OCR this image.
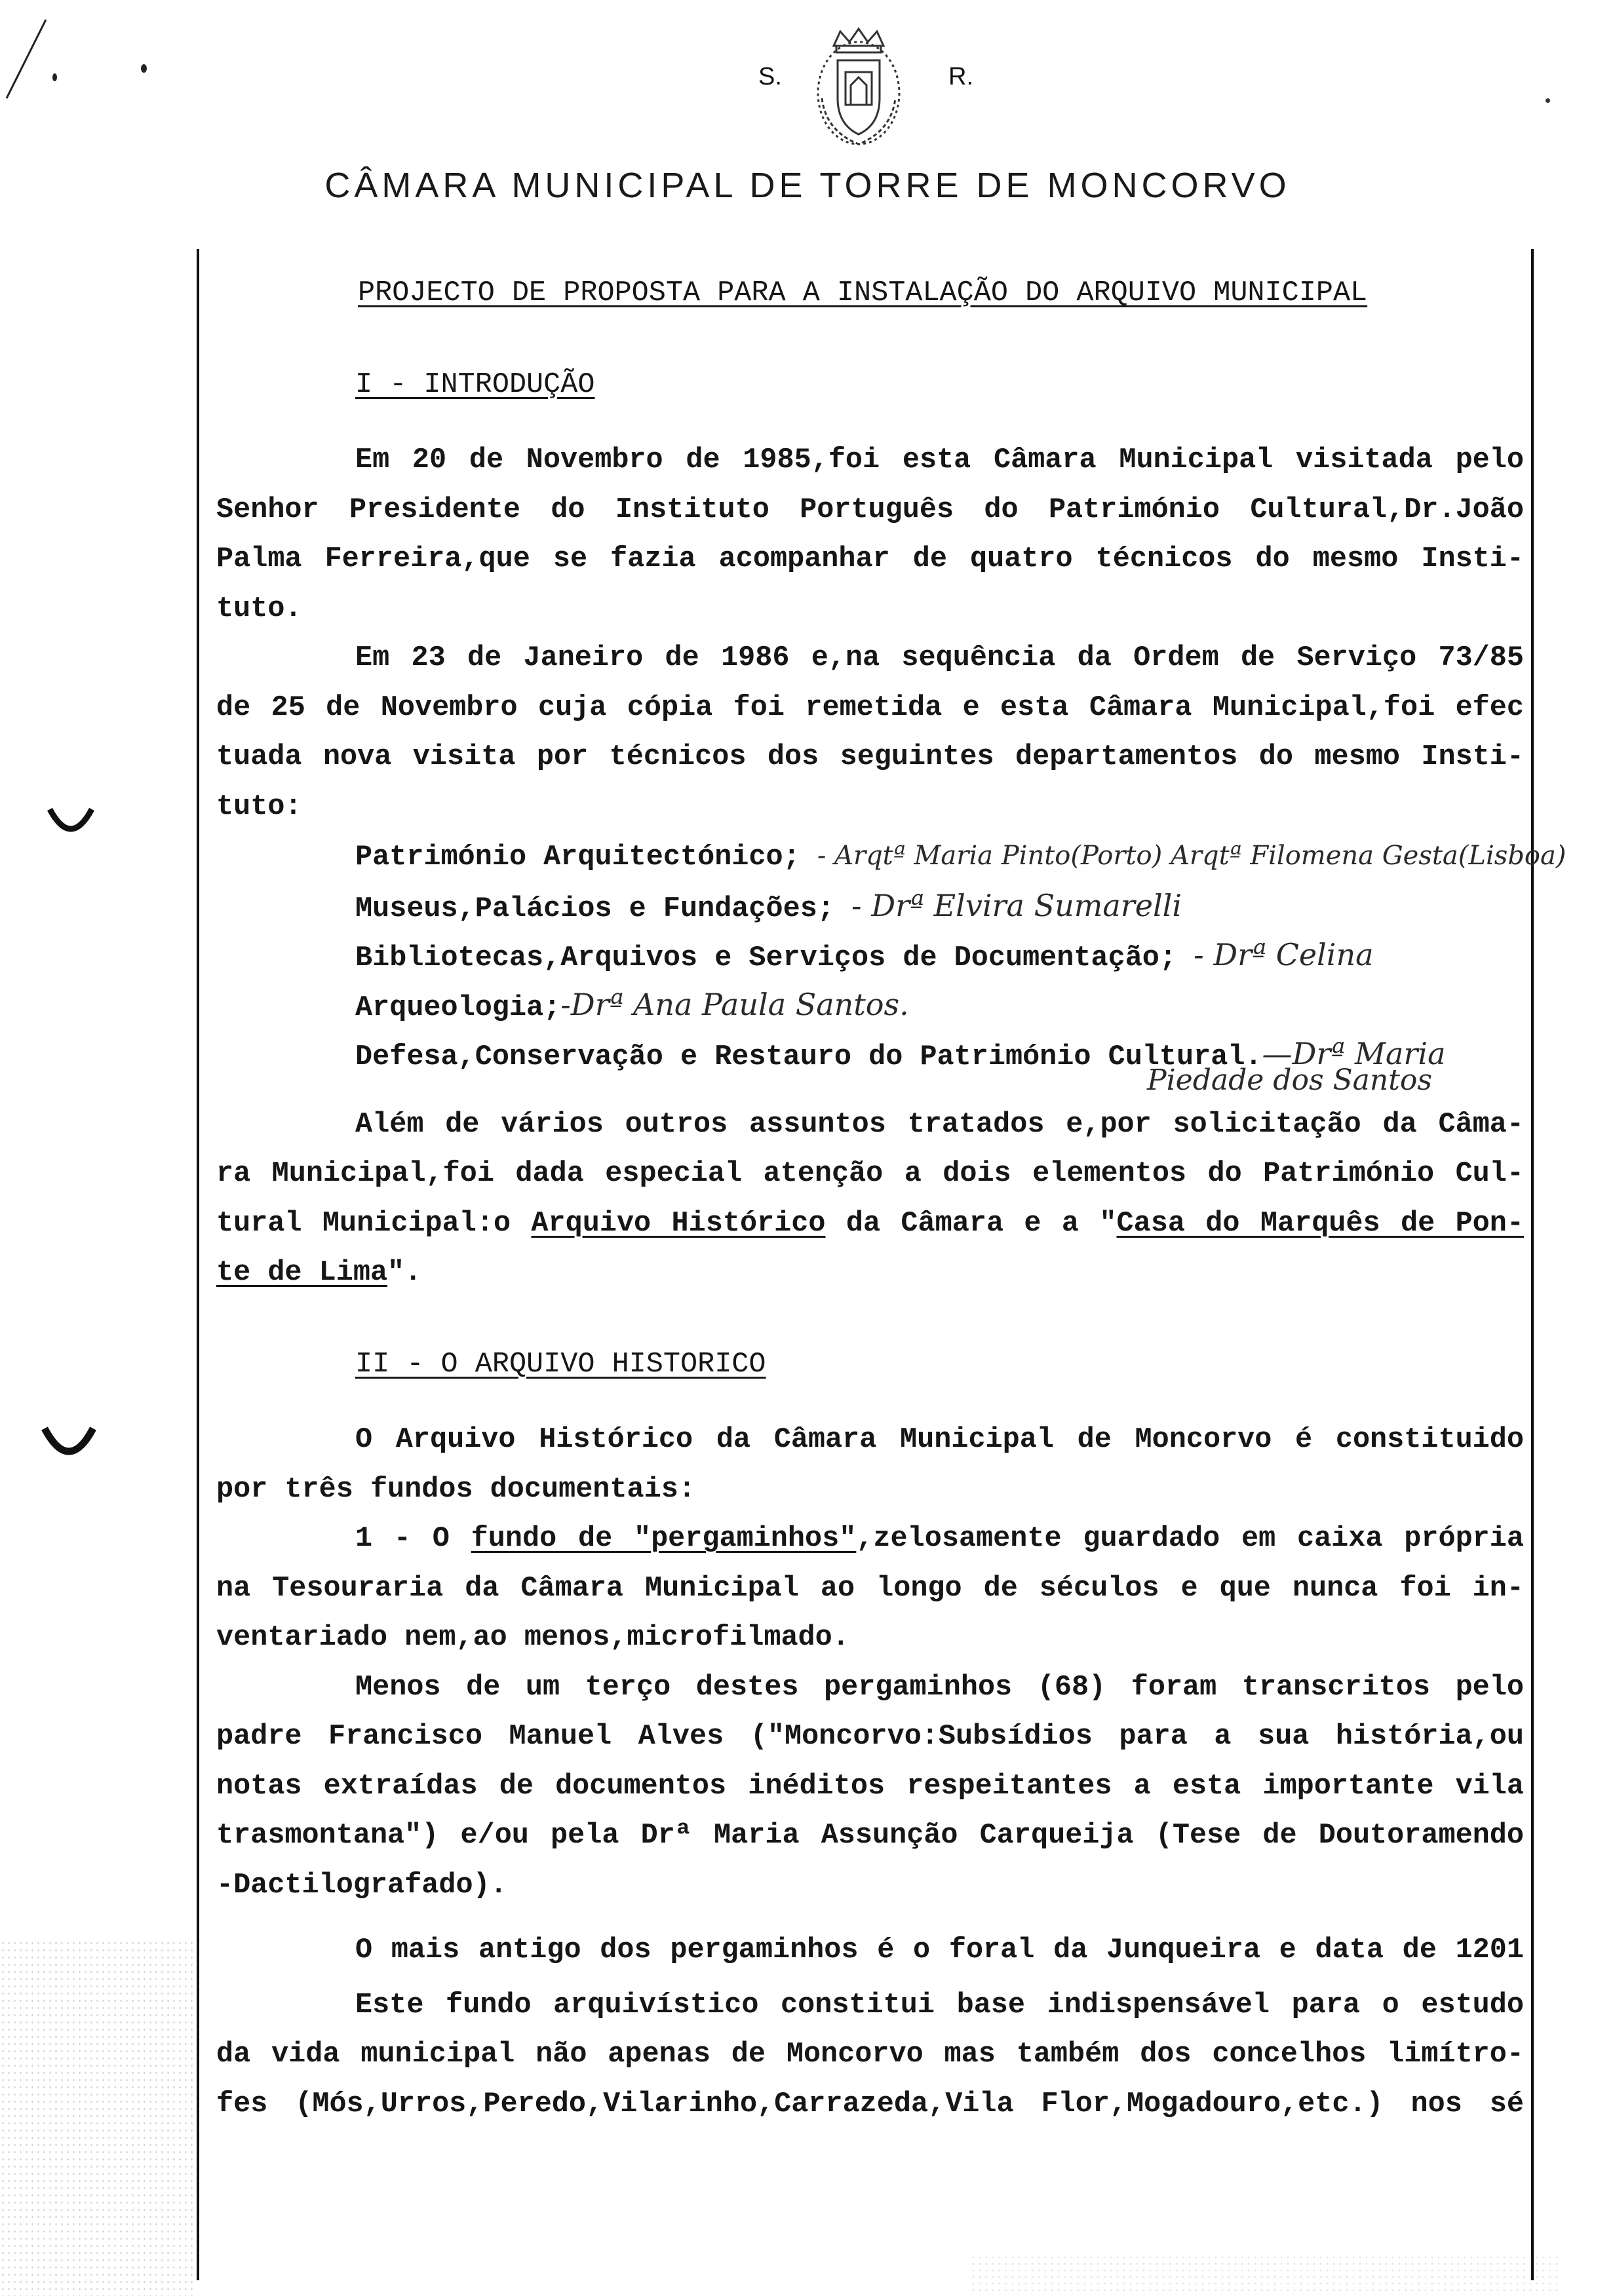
S.	R.
CÂMARA MUNICIPAL DE TORRE DE MONCORVO
PROJECTO DE PROPOSTA PARA A INSTALAÇÃO DO ARQUIVO MUNICIPAL
I - INTRODUÇÃO
Em 20 de Novembro de 1985,foi esta Câmara Municipal visitada pelo
Senhor Presidente do Instituto Português do Património Cultural,Dr.João
Palma Ferreira,que se fazia acompanhar de quatro técnicos do mesmo Insti-
tuto.
Em 23 de Janeiro de 1986 e,na sequência da Ordem de Serviço 73/85
de 25 de Novembro cuja cópia foi remetida e esta Câmara Municipal,foi efec
tuada nova visita por técnicos dos seguintes departamentos do mesmo Insti-
tuto:
Património Arquitectónico; - Arqtª Maria Pinto(Porto) Arqtª Filomena Gesta(Lisboa)
Museus,Palácios e Fundações; - Drª Elvira Sumarelli
Bibliotecas,Arquivos e Serviços de Documentação; - Drª Celina
Arqueologia;-Drª Ana Paula Santos.
Defesa,Conservação e Restauro do Património Cultural.—Drª Maria

Piedade dos Santos

Além de vários outros assuntos tratados e,por solicitação da Câma-
ra Municipal,foi dada especial atenção a dois elementos do Património Cul-
tural Municipal:o Arquivo Histórico da Câmara e a "Casa do Marquês de Pon-
te de Lima".
II - O ARQUIVO HISTORICO
O Arquivo Histórico da Câmara Municipal de Moncorvo é constituido
por três fundos documentais:
1 - O fundo de "pergaminhos",zelosamente guardado em caixa própria
na Tesouraria da Câmara Municipal ao longo de séculos e que nunca foi in-
ventariado nem,ao menos,microfilmado.
Menos de um terço destes pergaminhos (68) foram transcritos pelo
padre Francisco Manuel Alves ("Moncorvo:Subsídios para a sua história,ou
notas extraídas de documentos inéditos respeitantes a esta importante vila
trasmontana") e/ou pela Drª Maria Assunção Carqueija (Tese de Doutoramendo
-Dactilografado).
O mais antigo dos pergaminhos é o foral da Junqueira e data de 1201
Este fundo arquivístico constitui base indispensável para o estudo
da vida municipal não apenas de Moncorvo mas também dos concelhos limítro-
fes (Mós,Urros,Peredo,Vilarinho,Carrazeda,Vila Flor,Mogadouro,etc.) nos sé
